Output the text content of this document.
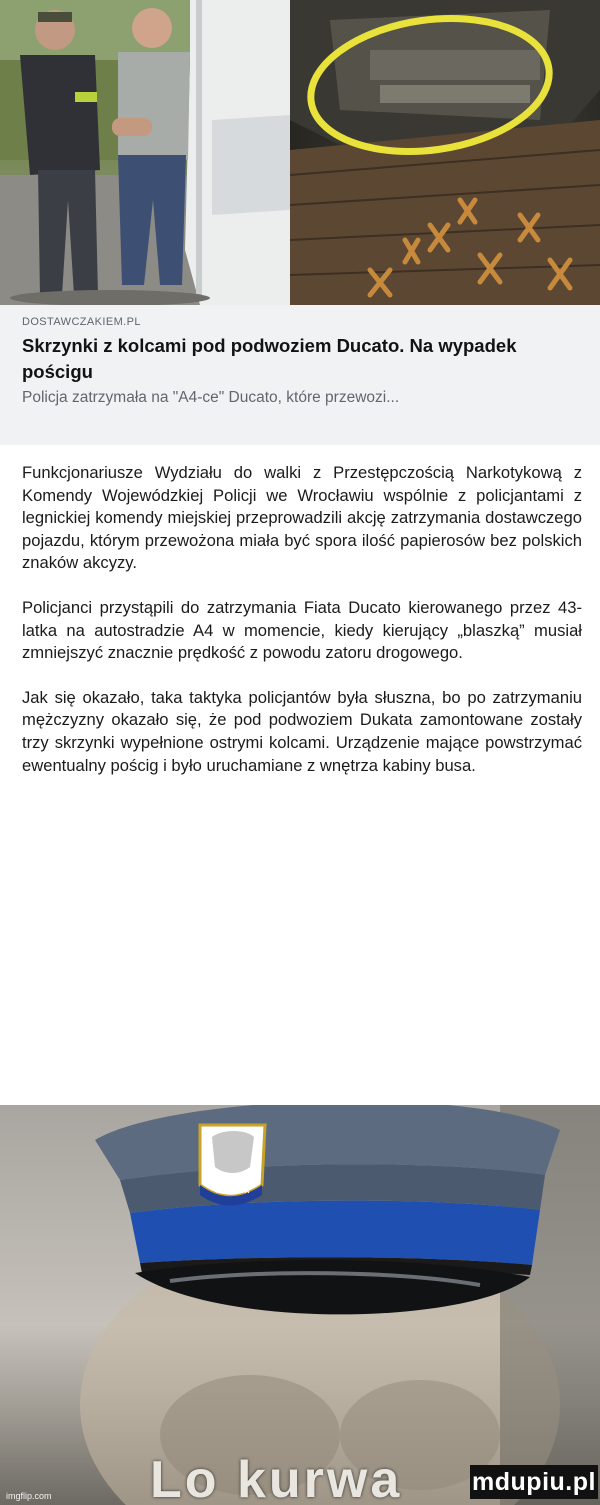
DOSTAWCZAKIEM.PL
Skrzynki z kolcami pod podwoziem Ducato. Na wypadek pościgu
Policja zatrzymała na "A4-ce" Ducato, które przewozi...

Funkcjonariusze Wydziału do walki z Przestępczością Narkotykową z Komendy Wojewódzkiej Policji we Wrocławiu wspólnie z policjantami z legnickiej komendy miejskiej przeprowadzili akcję zatrzymania dostawczego pojazdu, którym przewożona miała być spora ilość papierosów bez polskich znaków akcyzy.

Policjanci przystąpili do zatrzymania Fiata Ducato kierowanego przez 43-latka na autostradzie A4 w momencie, kiedy kierujący „blaszką” musiał zmniejszyć znacznie prędkość z powodu zatoru drogowego.

Jak się okazało, taka taktyka policjantów była słuszna, bo po zatrzymaniu mężczyzny okazało się, że pod podwoziem Dukata zamontowane zostały trzy skrzynki wypełnione ostrymi kolcami. Urządzenie mające powstrzymać ewentualny pościg i było uruchamiane z wnętrza kabiny busa.

POLICJA
Lo kurwa
imgflip.com	mdupiu.pl
